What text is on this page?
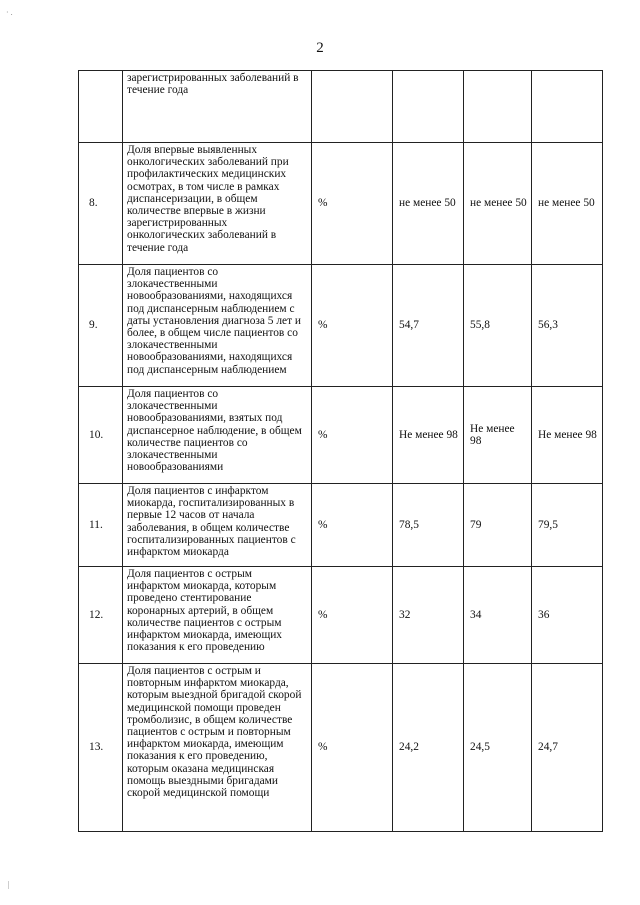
· .
|
2
	зарегистрированных заболеваний в течение года				
8.	Доля впервые выявленных онкологических заболеваний при профилактических медицинских осмотрах, в том числе в рамках диспансеризации, в общем количестве впервые в жизни зарегистрированных онкологических заболеваний в течение года	%	не менее 50	не менее 50	не менее 50
9.	Доля пациентов со злокачественными новообразованиями, находящихся под диспансерным наблюдением с даты установления диагноза 5 лет и более, в общем числе пациентов со злокачественными новообразованиями, находящихся под диспансерным наблюдением	%	54,7	55,8	56,3
10.	Доля пациентов со злокачественными новообразованиями, взятых под диспансерное наблюдение, в общем количестве пациентов со злокачественными новообразованиями	%	Не менее 98	Не менее 98	Не менее 98
11.	Доля пациентов с инфарктом миокарда, госпитализированных в первые 12 часов от начала заболевания, в общем количестве госпитализированных пациентов с инфарктом миокарда	%	78,5	79	79,5
12.	Доля пациентов с острым инфарктом миокарда, которым проведено стентирование коронарных артерий, в общем количестве пациентов с острым инфарктом миокарда, имеющих показания к его проведению	%	32	34	36
13.	Доля пациентов с острым и повторным инфарктом миокарда, которым выездной бригадой скорой медицинской помощи проведен тромболизис, в общем количестве пациентов с острым и повторным инфарктом миокарда, имеющим показания к его проведению, которым оказана медицинская помощь выездными бригадами скорой медицинской помощи	%	24,2	24,5	24,7
